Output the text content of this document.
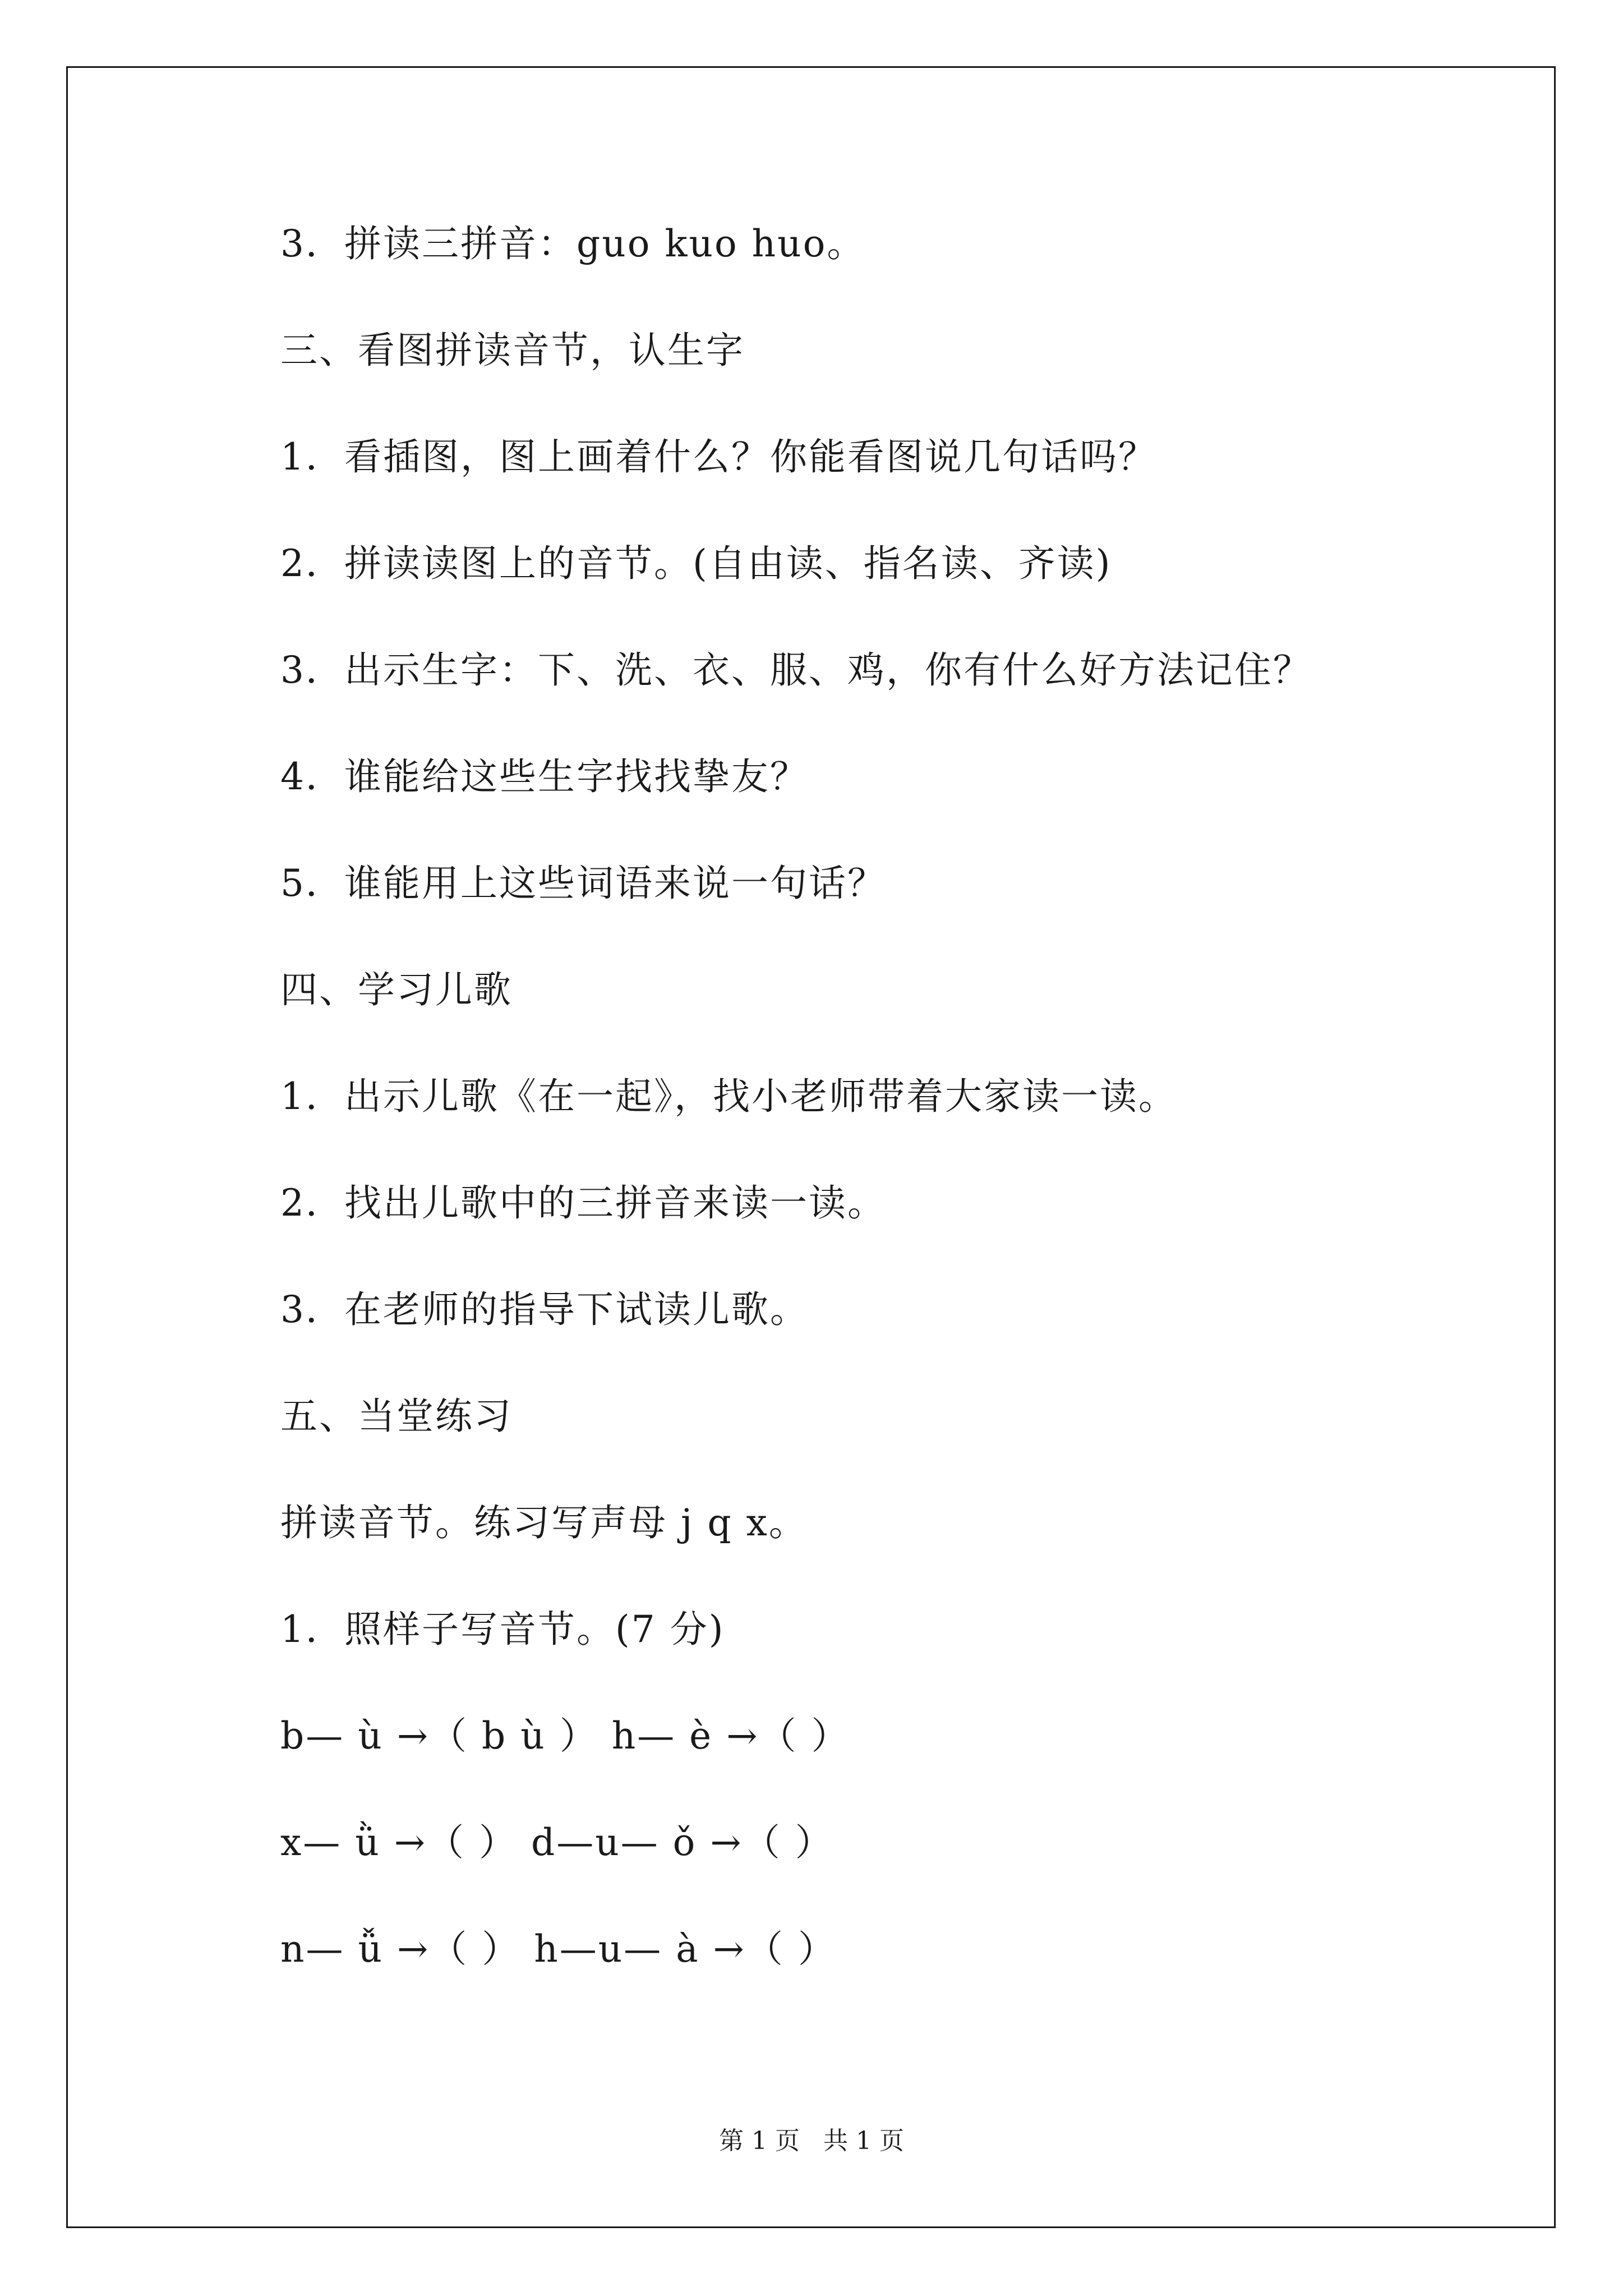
3．拼读三拼音：guo kuo huo。
三、看图拼读音节，认生字
1．看插图，图上画着什么？你能看图说几句话吗？
2．拼读读图上的音节。(自由读、指名读、齐读)
3．出示生字：下、洗、衣、服、鸡，你有什么好方法记住？
4．谁能给这些生字找找挚友？
5．谁能用上这些词语来说一句话？
四、学习儿歌
1．出示儿歌《在一起》，找小老师带着大家读一读。
2．找出儿歌中的三拼音来读一读。
3．在老师的指导下试读儿歌。
五、当堂练习
拼读音节。练习写声母 j q x。
1．照样子写音节。(7 分)
b— ù →（ b ù ） h— è →（ ）
x— ǜ →（ ） d—u— ǒ →（ ）
n— ǚ →（ ） h—u— à →（ ）
第 1 页   共 1 页
